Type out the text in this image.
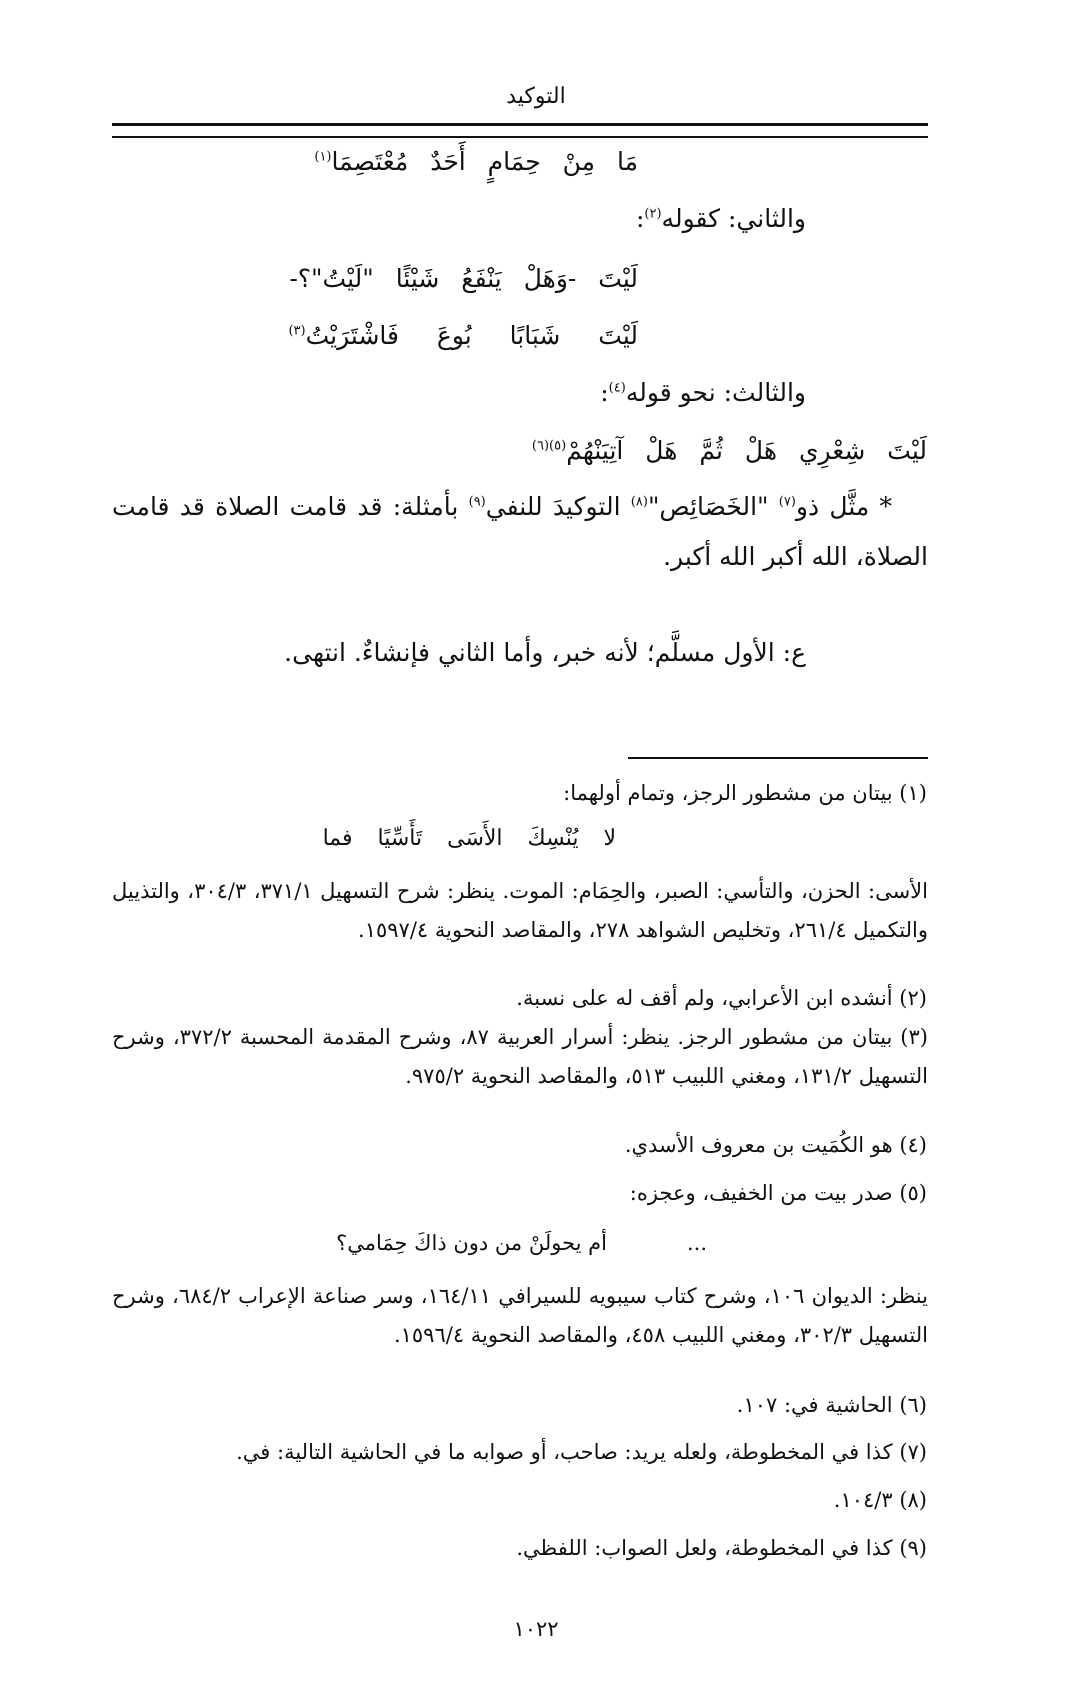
التوكيد
مَا مِنْ حِمَامٍ أَحَدٌ مُعْتَصِمَا$^{(١)}$
والثاني: كقوله$^{(٢)}$:
لَيْتَ -وَهَلْ يَنْفَعُ شَيْئًا "لَيْتُ"؟-
لَيْتَ شَبَابًا بُوعَ فَاشْتَرَيْتُ$^{(٣)}$
والثالث: نحو قوله$^{(٤)}$:
لَيْتَ شِعْرِي هَلْ ثُمَّ هَلْ آتِيَنْهُمْ$^{(٥)(٦)}$
* مثَّل ذو$^{(٧)}$ "الخَصَائِص"$^{(٨)}$ التوكيدَ للنفي$^{(٩)}$ بأمثلة: قد قامت الصلاة قد قامت الصلاة، الله أكبر الله أكبر.
ع: الأول مسلَّم؛ لأنه خبر، وأما الثاني فإنشاءٌ. انتهى.
(١) بيتان من مشطور الرجز، وتمام أولهما:
لا يُنْسِكَ الأَسَى تَأَسِّيًا فما
الأسى: الحزن، والتأسي: الصبر، والحِمَام: الموت. ينظر: شرح التسهيل ٣٧١/١، ٣٠٤/٣، والتذييل والتكميل ٢٦١/٤، وتخليص الشواهد ٢٧٨، والمقاصد النحوية ١٥٩٧/٤.
(٢) أنشده ابن الأعرابي، ولم أقف له على نسبة.
(٣) بيتان من مشطور الرجز. ينظر: أسرار العربية ٨٧، وشرح المقدمة المحسبة ٣٧٢/٢، وشرح التسهيل ١٣١/٢، ومغني اللبيب ٥١٣، والمقاصد النحوية ٩٧٥/٢.
(٤) هو الكُمَيت بن معروف الأسدي.
(٥) صدر بيت من الخفيف، وعجزه:
...
أم يحولَنْ من دون ذاكَ حِمَامي؟
ينظر: الديوان ١٠٦، وشرح كتاب سيبويه للسيرافي ١٦٤/١١، وسر صناعة الإعراب ٦٨٤/٢، وشرح التسهيل ٣٠٢/٣، ومغني اللبيب ٤٥٨، والمقاصد النحوية ١٥٩٦/٤.
(٦) الحاشية في: ١٠٧.
(٧) كذا في المخطوطة، ولعله يريد: صاحب، أو صوابه ما في الحاشية التالية: في.
(٨) ١٠٤/٣.
(٩) كذا في المخطوطة، ولعل الصواب: اللفظي.
١٠٢٢
